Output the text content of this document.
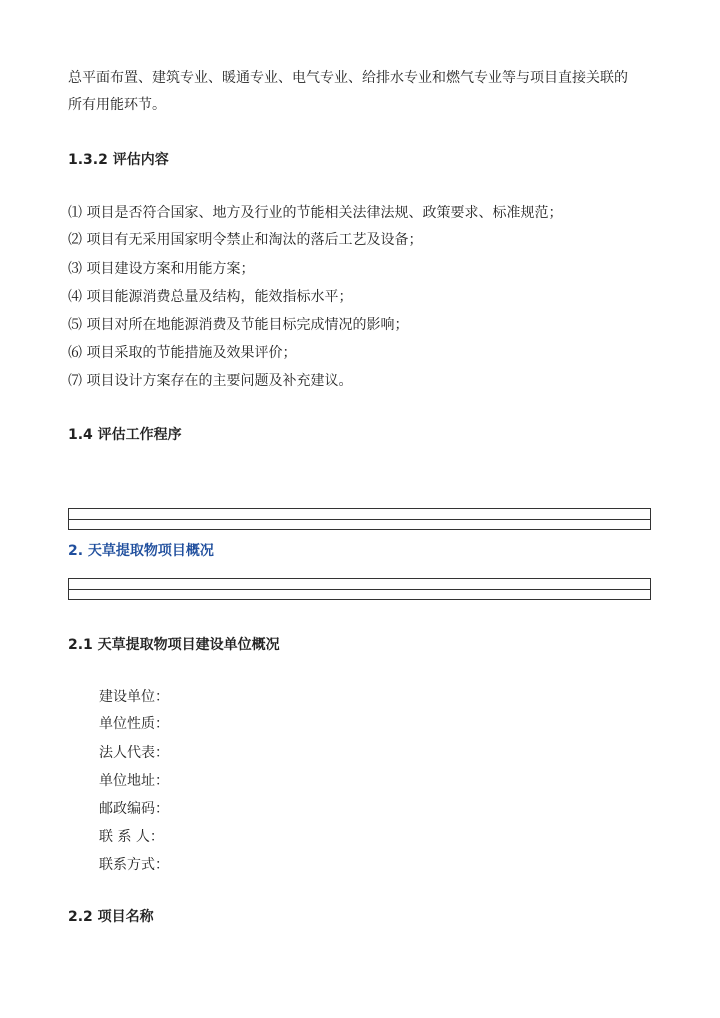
总平面布置、建筑专业、暖通专业、电气专业、给排水专业和燃气专业等与项目直接关联的
所有用能环节。
1.3.2 评估内容
⑴ 项目是否符合国家、地方及行业的节能相关法律法规、政策要求、标准规范；
⑵ 项目有无采用国家明令禁止和淘汰的落后工艺及设备；
⑶ 项目建设方案和用能方案；
⑷ 项目能源消费总量及结构，能效指标水平；
⑸ 项目对所在地能源消费及节能目标完成情况的影响；
⑹ 项目采取的节能措施及效果评价；
⑺ 项目设计方案存在的主要问题及补充建议。
1.4 评估工作程序
2. 天草提取物项目概况
2.1 天草提取物项目建设单位概况
建设单位：
单位性质：
法人代表：
单位地址：
邮政编码：
联 系 人：
联系方式：
2.2 项目名称
